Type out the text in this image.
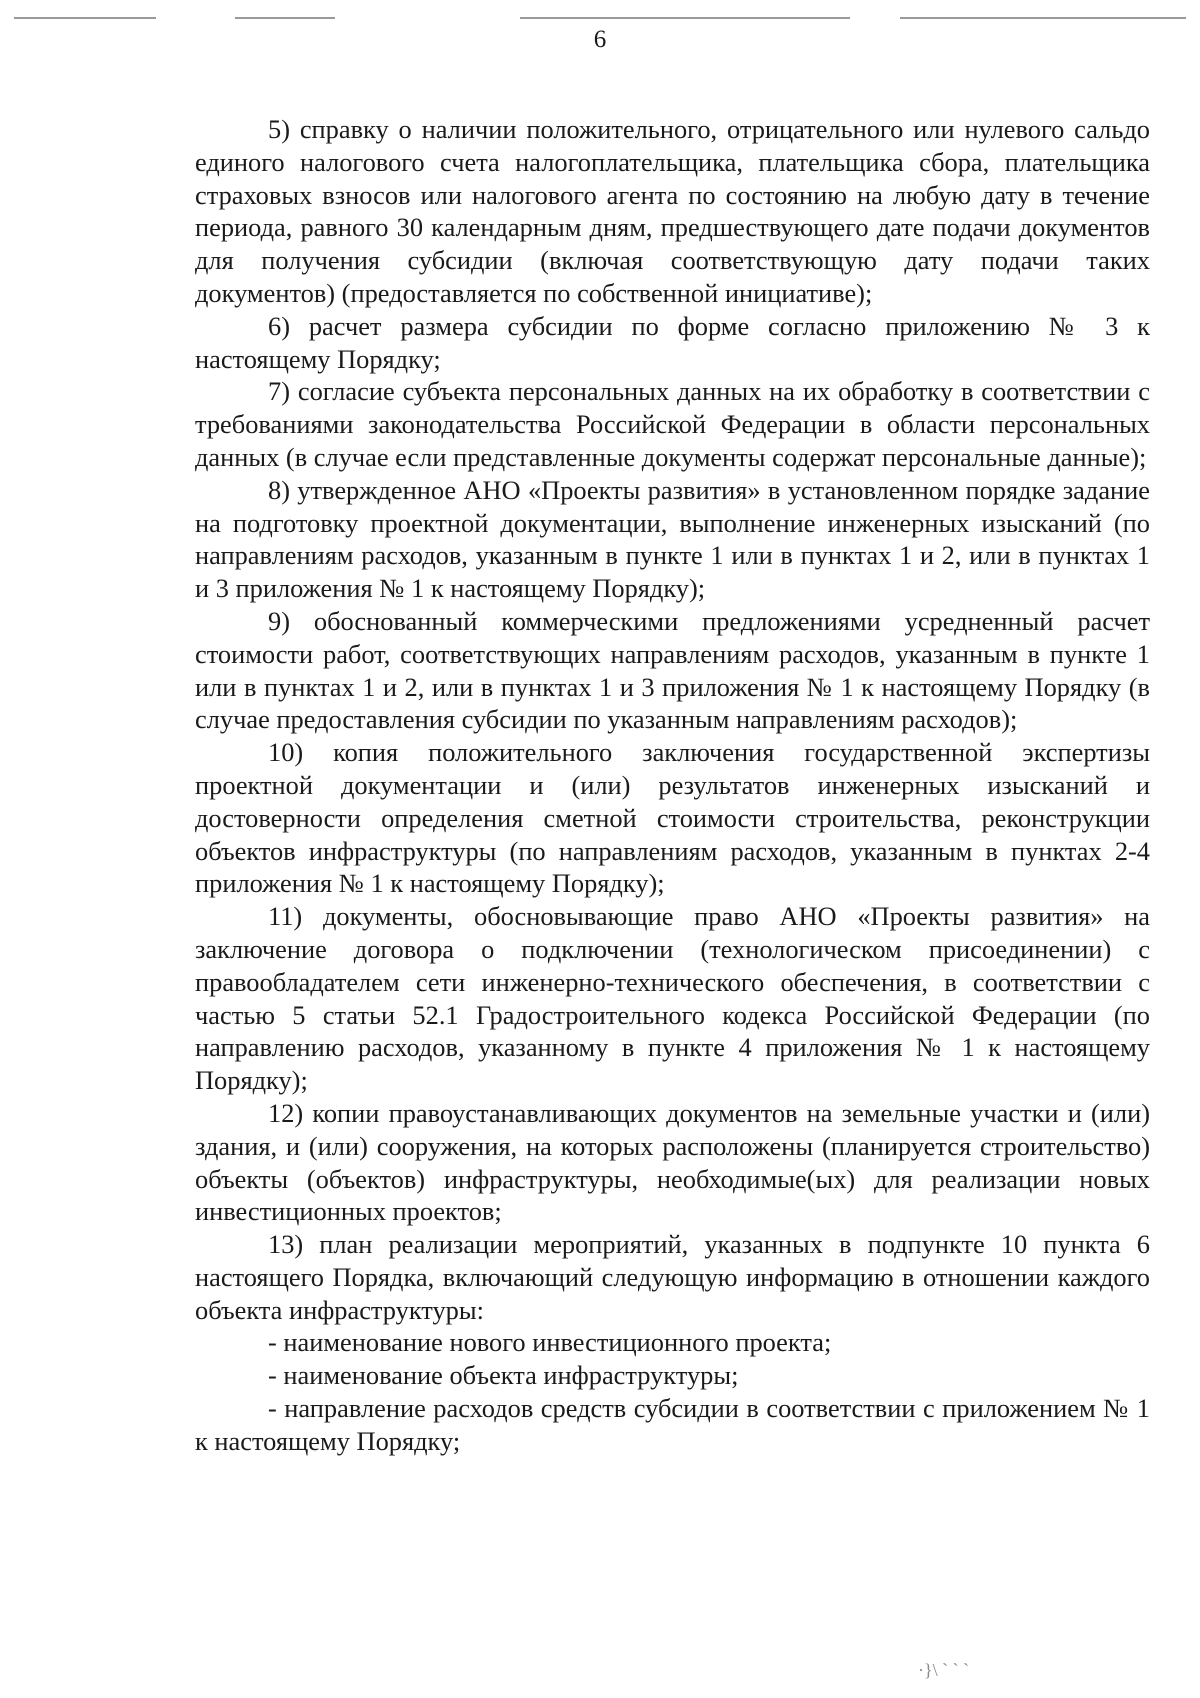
6

5) справку о наличии положительного, отрицательного или нулевого сальдо единого налогового счета налогоплательщика, плательщика сбора, плательщика страховых взносов или налогового агента по состоянию на любую дату в течение периода, равного 30 календарным дням, предшествующего дате подачи документов для получения субсидии (включая соответствующую дату подачи таких документов) (предоставляется по собственной инициативе);

6) расчет размера субсидии по форме согласно приложению № 3 к настоящему Порядку;

7) согласие субъекта персональных данных на их обработку в соответствии с требованиями законодательства Российской Федерации в области персональных данных (в случае если представленные документы содержат персональные данные);

8) утвержденное АНО «Проекты развития» в установленном порядке задание на подготовку проектной документации, выполнение инженерных изысканий (по направлениям расходов, указанным в пункте 1 или в пунктах 1 и 2, или в пунктах 1 и 3 приложения № 1 к настоящему Порядку);

9) обоснованный коммерческими предложениями усредненный расчет стоимости работ, соответствующих направлениям расходов, указанным в пункте 1 или в пунктах 1 и 2, или в пунктах 1 и 3 приложения № 1 к настоящему Порядку (в случае предоставления субсидии по указанным направлениям расходов);

10) копия положительного заключения государственной экспертизы проектной документации и (или) результатов инженерных изысканий и достоверности определения сметной стоимости строительства, реконструкции объектов инфраструктуры (по направлениям расходов, указанным в пунктах 2-4 приложения № 1 к настоящему Порядку);

11) документы, обосновывающие право АНО «Проекты развития» на заключение договора о подключении (технологическом присоединении) с правообладателем сети инженерно-технического обеспечения, в соответствии с частью 5 статьи 52.1 Градостроительного кодекса Российской Федерации (по направлению расходов, указанному в пункте 4 приложения № 1 к настоящему Порядку);

12) копии правоустанавливающих документов на земельные участки и (или) здания, и (или) сооружения, на которых расположены (планируется строительство) объекты (объектов) инфраструктуры, необходимые(ых) для реализации новых инвестиционных проектов;

13) план реализации мероприятий, указанных в подпункте 10 пункта 6 настоящего Порядка, включающий следующую информацию в отношении каждого объекта инфраструктуры:

- наименование нового инвестиционного проекта;

- наименование объекта инфраструктуры;

- направление расходов средств субсидии в соответствии с приложением № 1 к настоящему Порядку;

·}\ ` ` `
